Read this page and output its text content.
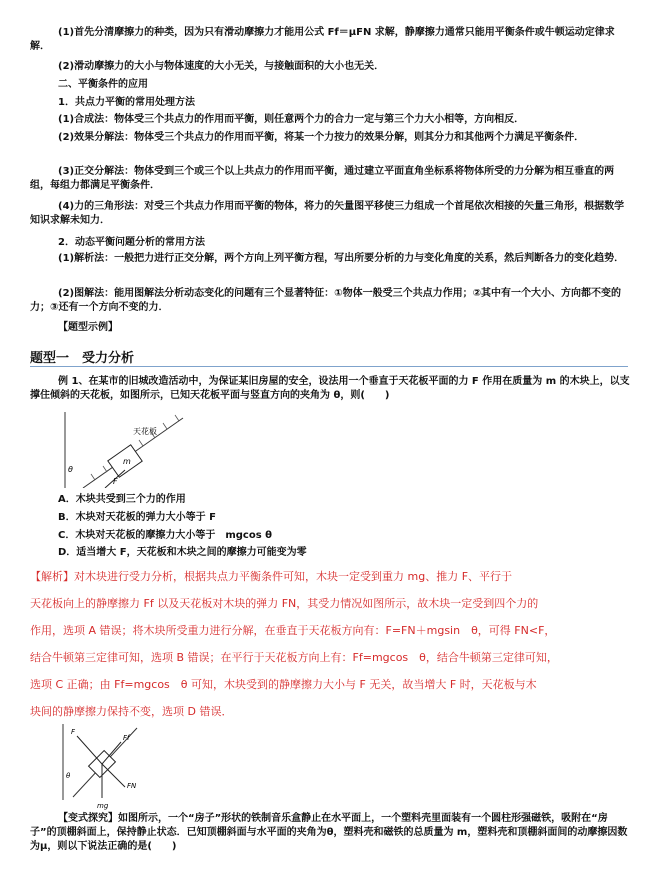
(1)首先分清摩擦力的种类，因为只有滑动摩擦力才能用公式 Ff＝μFN 求解，静摩擦力通常只能用平衡条件或牛顿运动定律求解．
(2)滑动摩擦力的大小与物体速度的大小无关，与接触面积的大小也无关．
二、平衡条件的应用
1．共点力平衡的常用处理方法
(1)合成法：物体受三个共点力的作用而平衡，则任意两个力的合力一定与第三个力大小相等，方向相反．
(2)效果分解法：物体受三个共点力的作用而平衡，将某一个力按力的效果分解，则其分力和其他两个力满足平衡条件．
(3)正交分解法：物体受到三个或三个以上共点力的作用而平衡，通过建立平面直角坐标系将物体所受的力分解为相互垂直的两组，每组力都满足平衡条件．
(4)力的三角形法：对受三个共点力作用而平衡的物体，将力的矢量图平移使三力组成一个首尾依次相接的矢量三角形，根据数学知识求解未知力．
2．动态平衡问题分析的常用方法
(1)解析法：一般把力进行正交分解，两个方向上列平衡方程，写出所要分析的力与变化角度的关系，然后判断各力的变化趋势．
(2)图解法：能用图解法分析动态变化的问题有三个显著特征：①物体一般受三个共点力作用；②其中有一个大小、方向都不变的力；③还有一个方向不变的力．
【题型示例】
题型一　受力分析
例 1、在某市的旧城改造活动中，为保证某旧房屋的安全，设法用一个垂直于天花板平面的力 F 作用在质量为 m 的木块上，以支撑住倾斜的天花板，如图所示，已知天花板平面与竖直方向的夹角为 θ，则(　　)
天花板
m
F
θ
A．木块共受到三个力的作用
B．木块对天花板的弹力大小等于 F
C．木块对天花板的摩擦力大小等于　mgcos θ
D．适当增大 F，天花板和木块之间的摩擦力可能变为零
【解析】对木块进行受力分析，根据共点力平衡条件可知，木块一定受到重力 mg、推力 F、平行于
天花板向上的静摩擦力 Ff 以及天花板对木块的弹力 FN，其受力情况如图所示，故木块一定受到四个力的
作用，选项 A 错误；将木块所受重力进行分解，在垂直于天花板方向有：F=FN＋mgsin　θ，可得 FN<F，
结合牛顿第三定律可知，选项 B 错误；在平行于天花板方向上有：Ff=mgcos　θ，结合牛顿第三定律可知，
选项 C 正确；由 Ff=mgcos　θ 可知，木块受到的静摩擦力大小与 F 无关，故当增大 F 时，天花板与木
块间的静摩擦力保持不变，选项 D 错误．
F
Ff
FN
mg
θ
【变式探究】如图所示，一个“房子”形状的铁制音乐盒静止在水平面上，一个塑料壳里面装有一个圆柱形强磁铁，吸附在“房子”的顶棚斜面上，保持静止状态．已知顶棚斜面与水平面的夹角为θ，塑料壳和磁铁的总质量为 m，塑料壳和顶棚斜面间的动摩擦因数为μ，则以下说法正确的是(　　)
